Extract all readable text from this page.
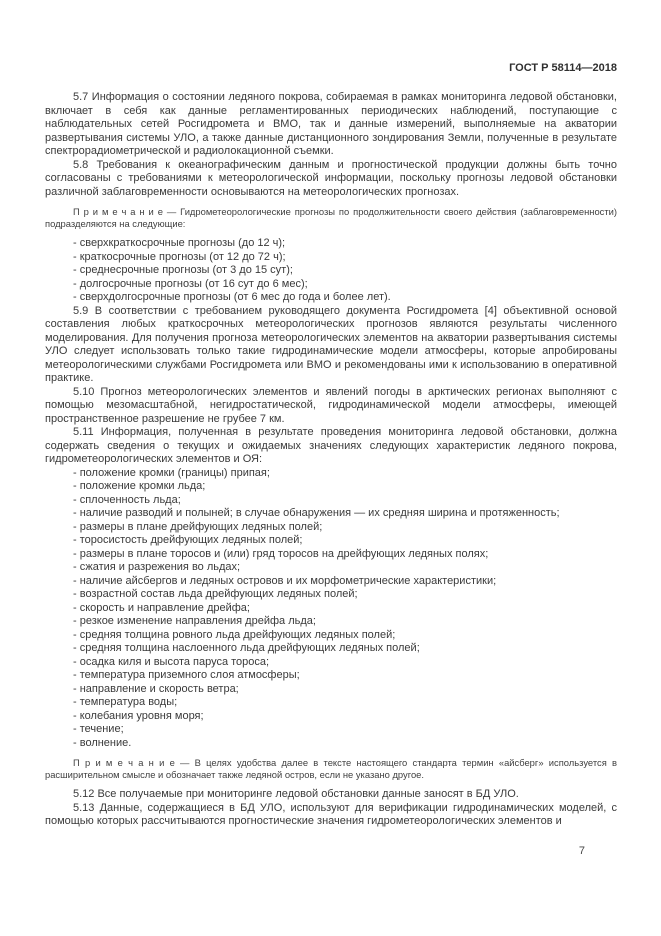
ГОСТ Р 58114—2018

5.7 Информация о состоянии ледяного покрова, собираемая в рамках мониторинга ледовой обстановки, включает в себя как данные регламентированных периодических наблюдений, поступающие с наблюдательных сетей Росгидромета и ВМО, так и данные измерений, выполняемые на акватории развертывания системы УЛО, а также данные дистанционного зондирования Земли, полученные в результате спектрорадиометрической и радиолокационной съемки.

5.8 Требования к океанографическим данным и прогностической продукции должны быть точно согласованы с требованиями к метеорологической информации, поскольку прогнозы ледовой обстановки различной заблаговременности основываются на метеорологических прогнозах.

П р и м е ч а н и е — Гидрометеорологические прогнозы по продолжительности своего действия (заблаговременности) подразделяются на следующие:

- сверхкраткосрочные прогнозы (до 12 ч);
- краткосрочные прогнозы (от 12 до 72 ч);
- среднесрочные прогнозы (от 3 до 15 сут);
- долгосрочные прогнозы (от 16 сут до 6 мес);
- сверхдолгосрочные прогнозы (от 6 мес до года и более лет).

5.9 В соответствии с требованием руководящего документа Росгидромета [4] объективной основой составления любых краткосрочных метеорологических прогнозов являются результаты численного моделирования. Для получения прогноза метеорологических элементов на акватории развертывания системы УЛО следует использовать только такие гидродинамические модели атмосферы, которые апробированы метеорологическими службами Росгидромета или ВМО и рекомендованы ими к использованию в оперативной практике.

5.10 Прогноз метеорологических элементов и явлений погоды в арктических регионах выполняют с помощью мезомасштабной, негидростатической, гидродинамической модели атмосферы, имеющей пространственное разрешение не грубее 7 км.

5.11 Информация, полученная в результате проведения мониторинга ледовой обстановки, должна содержать сведения о текущих и ожидаемых значениях следующих характеристик ледяного покрова, гидрометеорологических элементов и ОЯ:

- положение кромки (границы) припая;
- положение кромки льда;
- сплоченность льда;
- наличие разводий и полыней; в случае обнаружения — их средняя ширина и протяженность;
- размеры в плане дрейфующих ледяных полей;
- торосистость дрейфующих ледяных полей;
- размеры в плане торосов и (или) гряд торосов на дрейфующих ледяных полях;
- сжатия и разрежения во льдах;
- наличие айсбергов и ледяных островов и их морфометрические характеристики;
- возрастной состав льда дрейфующих ледяных полей;
- скорость и направление дрейфа;
- резкое изменение направления дрейфа льда;
- средняя толщина ровного льда дрейфующих ледяных полей;
- средняя толщина наслоенного льда дрейфующих ледяных полей;
- осадка киля и высота паруса тороса;
- температура приземного слоя атмосферы;
- направление и скорость ветра;
- температура воды;
- колебания уровня моря;
- течение;
- волнение.

П р и м е ч а н и е — В целях удобства далее в тексте настоящего стандарта термин «айсберг» используется в расширительном смысле и обозначает также ледяной остров, если не указано другое.

5.12 Все получаемые при мониторинге ледовой обстановки данные заносят в БД УЛО.

5.13 Данные, содержащиеся в БД УЛО, используют для верификации гидродинамических моделей, с помощью которых рассчитываются прогностические значения гидрометеорологических элементов и

7
